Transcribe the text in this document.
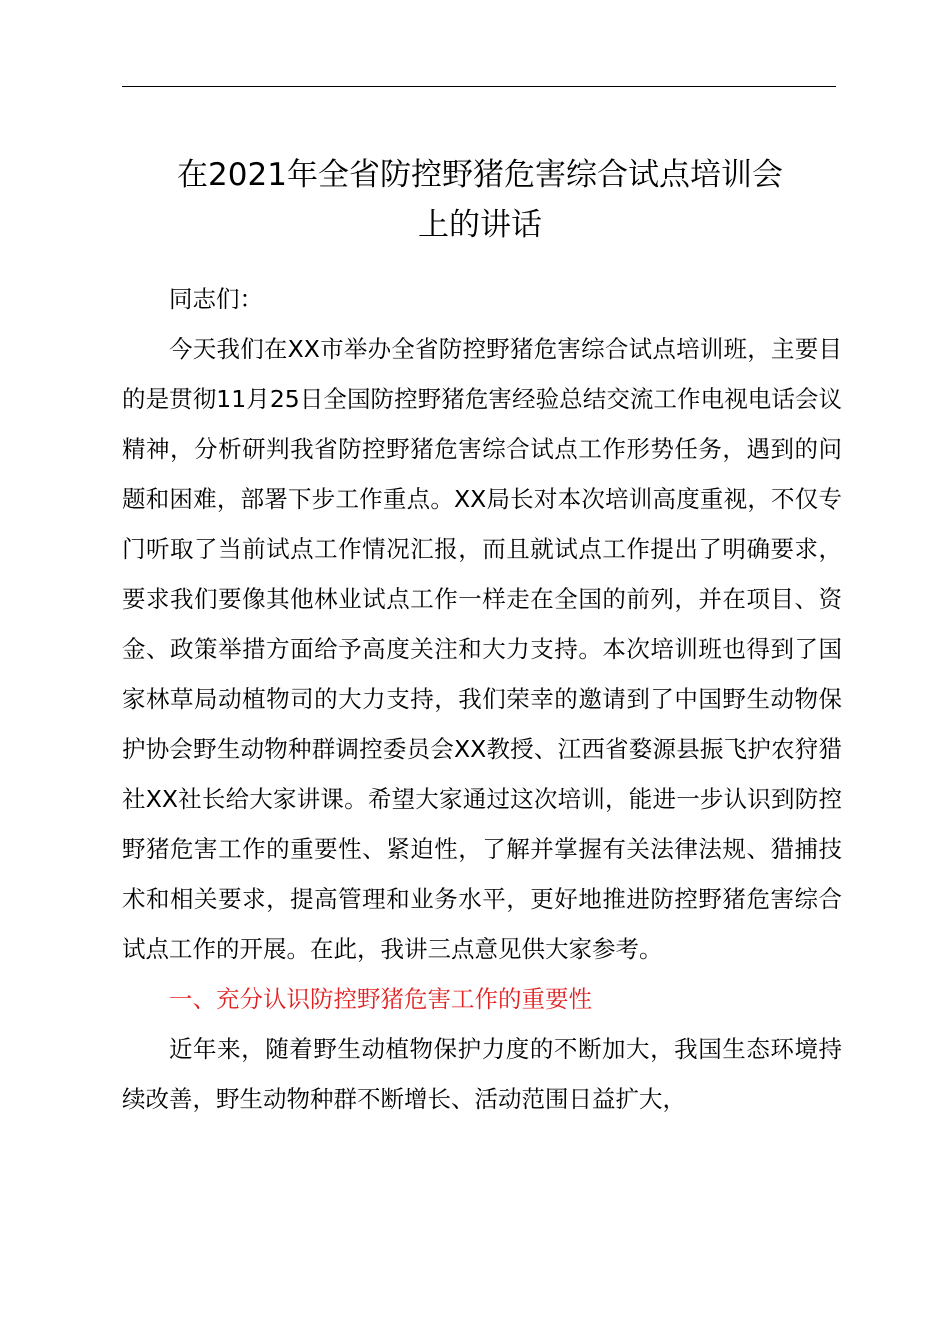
在2021年全省防控野猪危害综合试点培训会
上的讲话

同志们：

今天我们在XX市举办全省防控野猪危害综合试点培训班，主要目的是贯彻11月25日全国防控野猪危害经验总结交流工作电视电话会议精神，分析研判我省防控野猪危害综合试点工作形势任务，遇到的问题和困难，部署下步工作重点。XX局长对本次培训高度重视，不仅专门听取了当前试点工作情况汇报，而且就试点工作提出了明确要求，要求我们要像其他林业试点工作一样走在全国的前列，并在项目、资金、政策举措方面给予高度关注和大力支持。本次培训班也得到了国家林草局动植物司的大力支持，我们荣幸的邀请到了中国野生动物保护协会野生动物种群调控委员会XX教授、江西省婺源县振飞护农狩猎社XX社长给大家讲课。希望大家通过这次培训，能进一步认识到防控野猪危害工作的重要性、紧迫性，了解并掌握有关法律法规、猎捕技术和相关要求，提高管理和业务水平，更好地推进防控野猪危害综合试点工作的开展。在此，我讲三点意见供大家参考。

一、充分认识防控野猪危害工作的重要性

近年来，随着野生动植物保护力度的不断加大，我国生态环境持续改善，野生动物种群不断增长、活动范围日益扩大，
